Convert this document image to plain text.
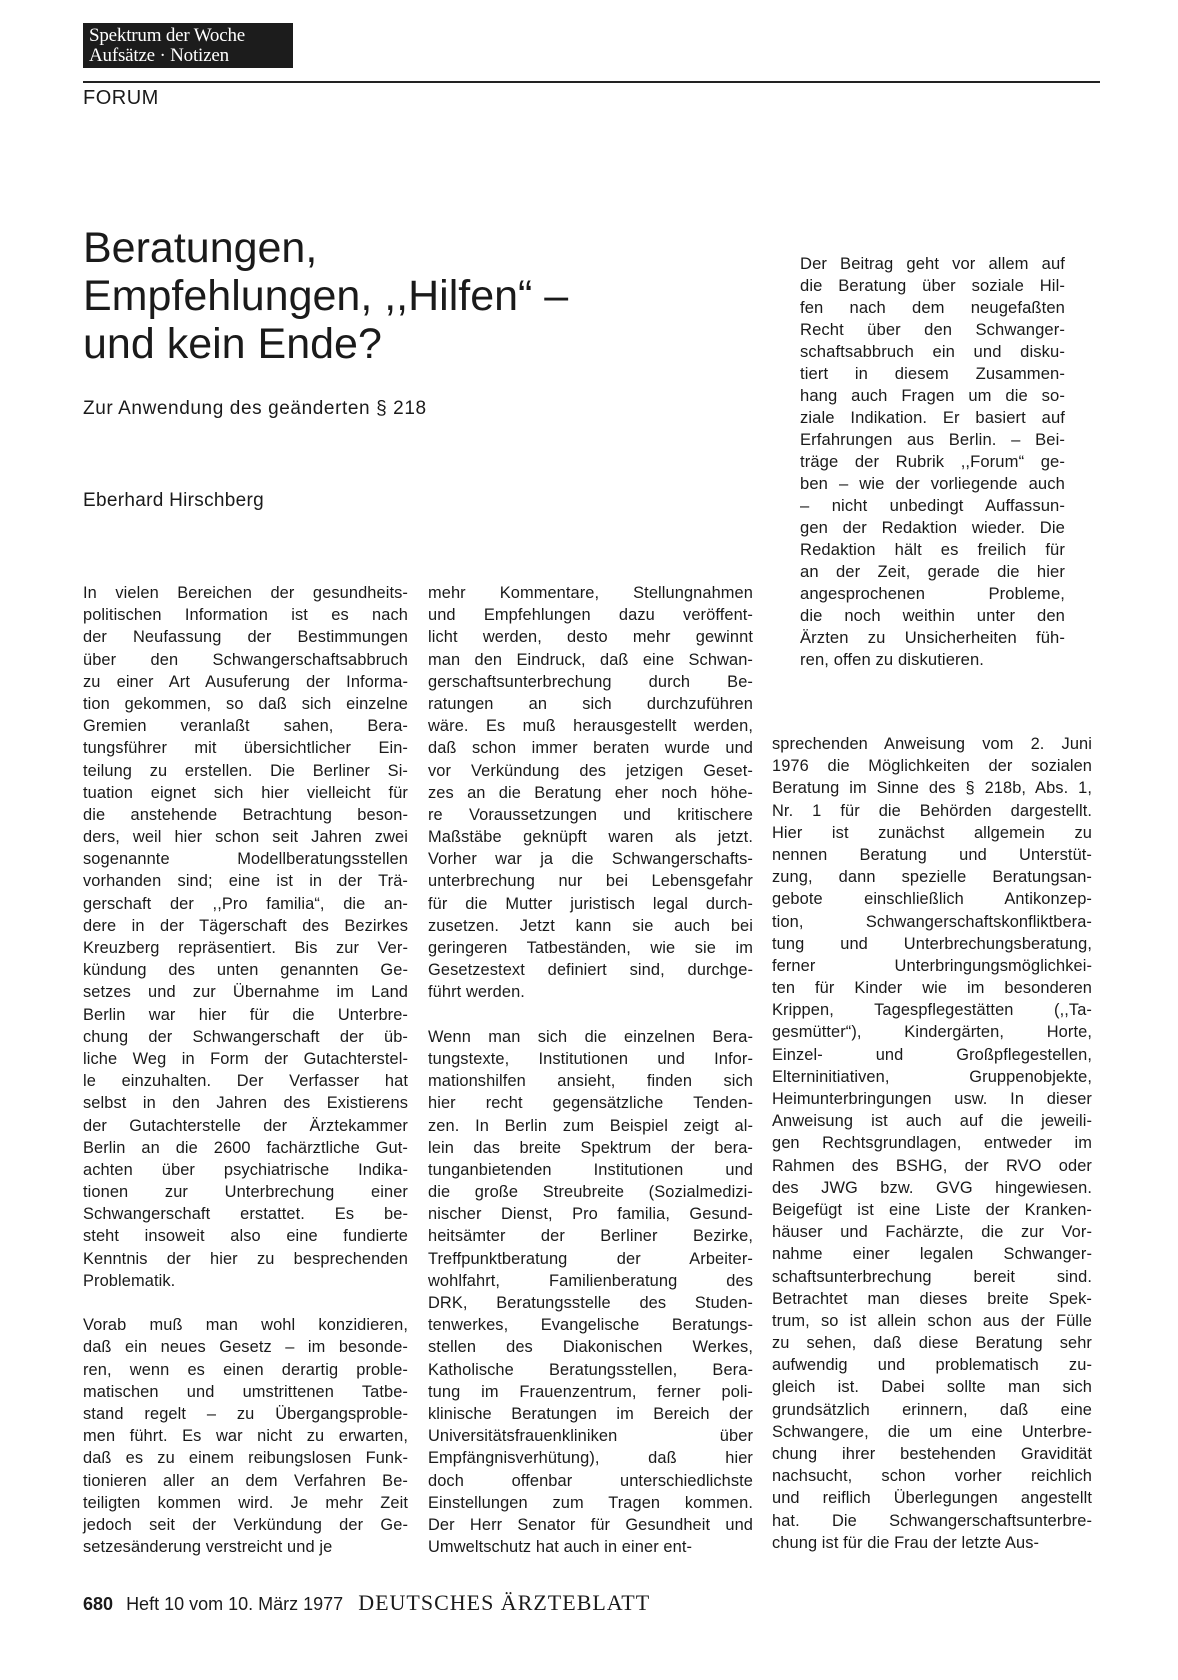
Spektrum der Woche
Aufsätze · Notizen
FORUM
Beratungen,
Empfehlungen, ,,Hilfen“ –
und kein Ende?
Zur Anwendung des geänderten § 218
Eberhard Hirschberg
Der Beitrag geht vor allem auf
die Beratung über soziale Hil-
fen nach dem neugefaßten
Recht über den Schwanger-
schaftsabbruch ein und disku-
tiert in diesem Zusammen-
hang auch Fragen um die so-
ziale Indikation. Er basiert auf
Erfahrungen aus Berlin. – Bei-
träge der Rubrik ,,Forum“ ge-
ben – wie der vorliegende auch
– nicht unbedingt Auffassun-
gen der Redaktion wieder. Die
Redaktion hält es freilich für
an der Zeit, gerade die hier
angesprochenen Probleme,
die noch weithin unter den
Ärzten zu Unsicherheiten füh-
ren, offen zu diskutieren.
In vielen Bereichen der gesundheits-
politischen Information ist es nach
der Neufassung der Bestimmungen
über den Schwangerschaftsabbruch
zu einer Art Ausuferung der Informa-
tion gekommen, so daß sich einzelne
Gremien veranlaßt sahen, Bera-
tungsführer mit übersichtlicher Ein-
teilung zu erstellen. Die Berliner Si-
tuation eignet sich hier vielleicht für
die anstehende Betrachtung beson-
ders, weil hier schon seit Jahren zwei
sogenannte Modellberatungsstellen
vorhanden sind; eine ist in der Trä-
gerschaft der ,,Pro familia“, die an-
dere in der Tägerschaft des Bezirkes
Kreuzberg repräsentiert. Bis zur Ver-
kündung des unten genannten Ge-
setzes und zur Übernahme im Land
Berlin war hier für die Unterbre-
chung der Schwangerschaft der üb-
liche Weg in Form der Gutachterstel-
le einzuhalten. Der Verfasser hat
selbst in den Jahren des Existierens
der Gutachterstelle der Ärztekammer
Berlin an die 2600 fachärztliche Gut-
achten über psychiatrische Indika-
tionen zur Unterbrechung einer
Schwangerschaft erstattet. Es be-
steht insoweit also eine fundierte
Kenntnis der hier zu besprechenden
Problematik.
Vorab muß man wohl konzidieren,
daß ein neues Gesetz – im besonde-
ren, wenn es einen derartig proble-
matischen und umstrittenen Tatbe-
stand regelt – zu Übergangsproble-
men führt. Es war nicht zu erwarten,
daß es zu einem reibungslosen Funk-
tionieren aller an dem Verfahren Be-
teiligten kommen wird. Je mehr Zeit
jedoch seit der Verkündung der Ge-
setzesänderung verstreicht und je
mehr Kommentare, Stellungnahmen
und Empfehlungen dazu veröffent-
licht werden, desto mehr gewinnt
man den Eindruck, daß eine Schwan-
gerschaftsunterbrechung durch Be-
ratungen an sich durchzuführen
wäre. Es muß herausgestellt werden,
daß schon immer beraten wurde und
vor Verkündung des jetzigen Geset-
zes an die Beratung eher noch höhe-
re Voraussetzungen und kritischere
Maßstäbe geknüpft waren als jetzt.
Vorher war ja die Schwangerschafts-
unterbrechung nur bei Lebensgefahr
für die Mutter juristisch legal durch-
zusetzen. Jetzt kann sie auch bei
geringeren Tatbeständen, wie sie im
Gesetzestext definiert sind, durchge-
führt werden.
Wenn man sich die einzelnen Bera-
tungstexte, Institutionen und Infor-
mationshilfen ansieht, finden sich
hier recht gegensätzliche Tenden-
zen. In Berlin zum Beispiel zeigt al-
lein das breite Spektrum der bera-
tunganbietenden Institutionen und
die große Streubreite (Sozialmedizi-
nischer Dienst, Pro familia, Gesund-
heitsämter der Berliner Bezirke,
Treffpunktberatung der Arbeiter-
wohlfahrt, Familienberatung des
DRK, Beratungsstelle des Studen-
tenwerkes, Evangelische Beratungs-
stellen des Diakonischen Werkes,
Katholische Beratungsstellen, Bera-
tung im Frauenzentrum, ferner poli-
klinische Beratungen im Bereich der
Universitätsfrauenkliniken über
Empfängnisverhütung), daß hier
doch offenbar unterschiedlichste
Einstellungen zum Tragen kommen.
Der Herr Senator für Gesundheit und
Umweltschutz hat auch in einer ent-
sprechenden Anweisung vom 2. Juni
1976 die Möglichkeiten der sozialen
Beratung im Sinne des § 218b, Abs. 1,
Nr. 1 für die Behörden dargestellt.
Hier ist zunächst allgemein zu
nennen Beratung und Unterstüt-
zung, dann spezielle Beratungsan-
gebote einschließlich Antikonzep-
tion, Schwangerschaftskonfliktbera-
tung und Unterbrechungsberatung,
ferner Unterbringungsmöglichkei-
ten für Kinder wie im besonderen
Krippen, Tagespflegestätten (,,Ta-
gesmütter“), Kindergärten, Horte,
Einzel- und Großpflegestellen,
Elterninitiativen, Gruppenobjekte,
Heimunterbringungen usw. In dieser
Anweisung ist auch auf die jeweili-
gen Rechtsgrundlagen, entweder im
Rahmen des BSHG, der RVO oder
des JWG bzw. GVG hingewiesen.
Beigefügt ist eine Liste der Kranken-
häuser und Fachärzte, die zur Vor-
nahme einer legalen Schwanger-
schaftsunterbrechung bereit sind.
Betrachtet man dieses breite Spek-
trum, so ist allein schon aus der Fülle
zu sehen, daß diese Beratung sehr
aufwendig und problematisch zu-
gleich ist. Dabei sollte man sich
grundsätzlich erinnern, daß eine
Schwangere, die um eine Unterbre-
chung ihrer bestehenden Gravidität
nachsucht, schon vorher reichlich
und reiflich Überlegungen angestellt
hat. Die Schwangerschaftsunterbre-
chung ist für die Frau der letzte Aus-
680 Heft 10 vom 10. März 1977 DEUTSCHES ÄRZTEBLATT
